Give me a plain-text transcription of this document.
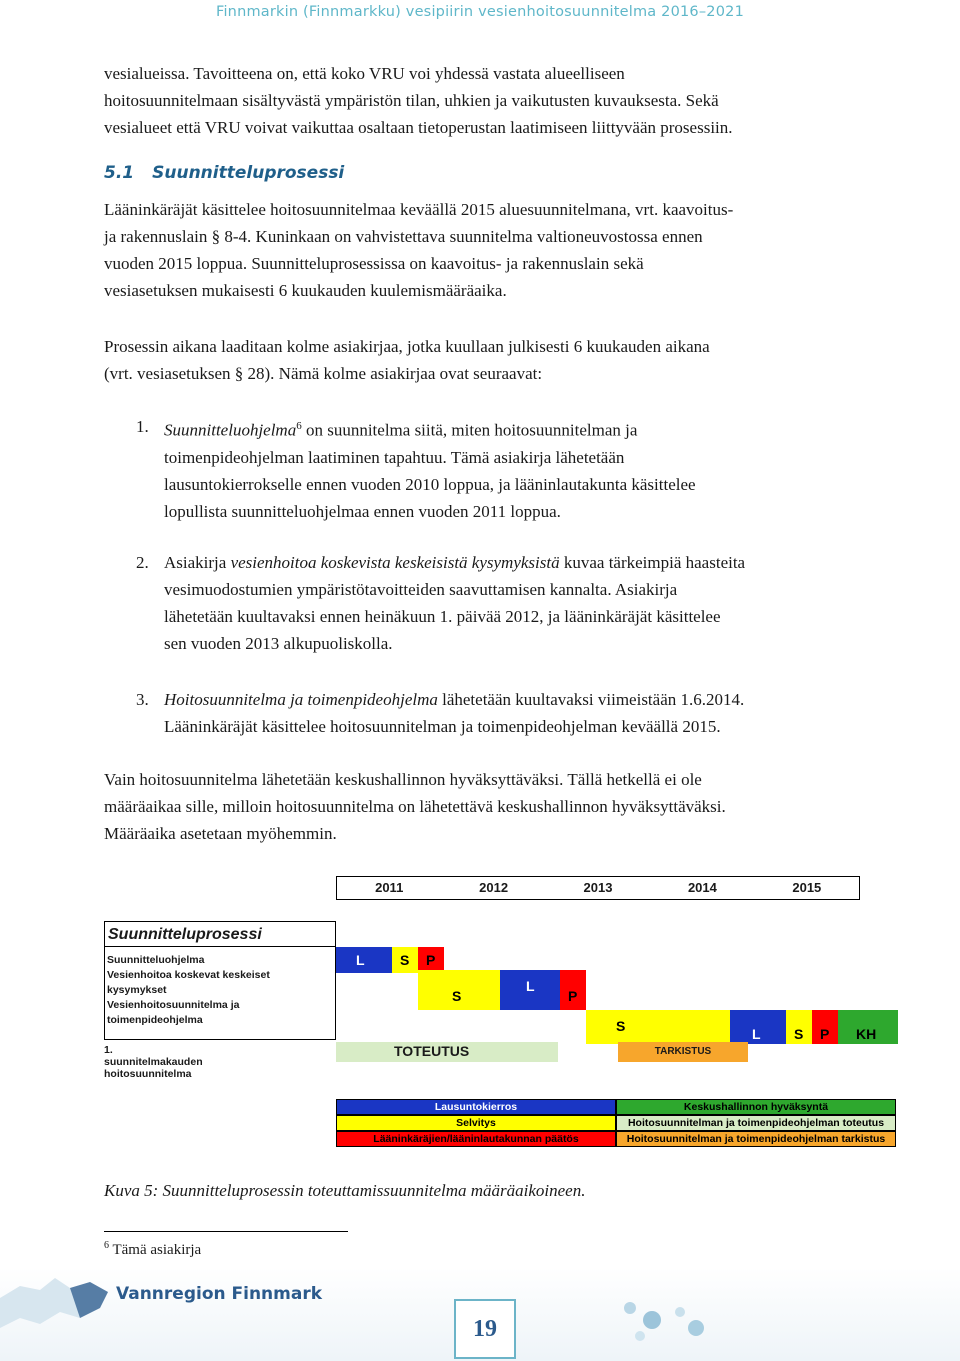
Finnmarkin (Finnmarkku) vesipiirin vesienhoitosuunnitelma 2016–2021
vesialueissa. Tavoitteena on, että koko VRU voi yhdessä vastata alueelliseen
hoitosuunnitelmaan sisältyvästä ympäristön tilan, uhkien ja vaikutusten kuvauksesta. Sekä
vesialueet että VRU voivat vaikuttaa osaltaan tietoperustan laatimiseen liittyvään prosessiin.
5.1 Suunnitteluprosessi
Lääninkäräjät käsittelee hoitosuunnitelmaa keväällä 2015 aluesuunnitelmana, vrt. kaavoitus-
ja rakennuslain § 8-4. Kuninkaan on vahvistettava suunnitelma valtioneuvostossa ennen
vuoden 2015 loppua. Suunnitteluprosessissa on kaavoitus- ja rakennuslain sekä
vesiasetuksen mukaisesti 6 kuukauden kuulemismääräaika.
Prosessin aikana laaditaan kolme asiakirjaa, jotka kuullaan julkisesti 6 kuukauden aikana
(vrt. vesiasetuksen § 28). Nämä kolme asiakirjaa ovat seuraavat:
1. Suunnitteluohjelma$^6$ on suunnitelma siitä, miten hoitosuunnitelman ja
toimenpideohjelman laatiminen tapahtuu. Tämä asiakirja lähetetään
lausuntokierrokselle ennen vuoden 2010 loppua, ja lääninlautakunta käsittelee
lopullista suunnitteluohjelmaa ennen vuoden 2011 loppua.
2. Asiakirja vesienhoitoa koskevista keskeisistä kysymyksistä kuvaa tärkeimpiä haasteita
vesimuodostumien ympäristötavoitteiden saavuttamisen kannalta. Asiakirja
lähetetään kuultavaksi ennen heinäkuun 1. päivää 2012, ja lääninkäräjät käsittelee
sen vuoden 2013 alkupuoliskolla.
3. Hoitosuunnitelma ja toimenpideohjelma lähetetään kuultavaksi viimeistään 1.6.2014.
Lääninkäräjät käsittelee hoitosuunnitelman ja toimenpideohjelman keväällä 2015.
Vain hoitosuunnitelma lähetetään keskushallinnon hyväksyttäväksi. Tällä hetkellä ei ole
määräaikaa sille, milloin hoitosuunnitelma on lähetettävä keskushallinnon hyväksyttäväksi.
Määräaika asetetaan myöhemmin.
2011	2012	2013	2014	2015
Suunnitteluprosessi
Suunnitteluohjelma
Vesienhoitoa koskevat keskeiset
kysymykset
Vesienhoitosuunnitelma ja
toimenpideohjelma
1. suunnitelmakauden hoitosuunnitelma
L	S P
S
L
P
S	L S P KH
TOTEUTUS	TARKISTUS
Lausuntokierros
Selvitys
Lääninkäräjien/lääninlautakunnan päätös
Keskushallinnon hyväksyntä
Hoitosuunnitelman ja toimenpideohjelman toteutus
Hoitosuunnitelman ja toimenpideohjelman tarkistus
Kuva 5: Suunnitteluprosessin toteuttamissuunnitelma määräaikoineen.
$^6$ Tämä asiakirja
Vannregion Finnmark
19
